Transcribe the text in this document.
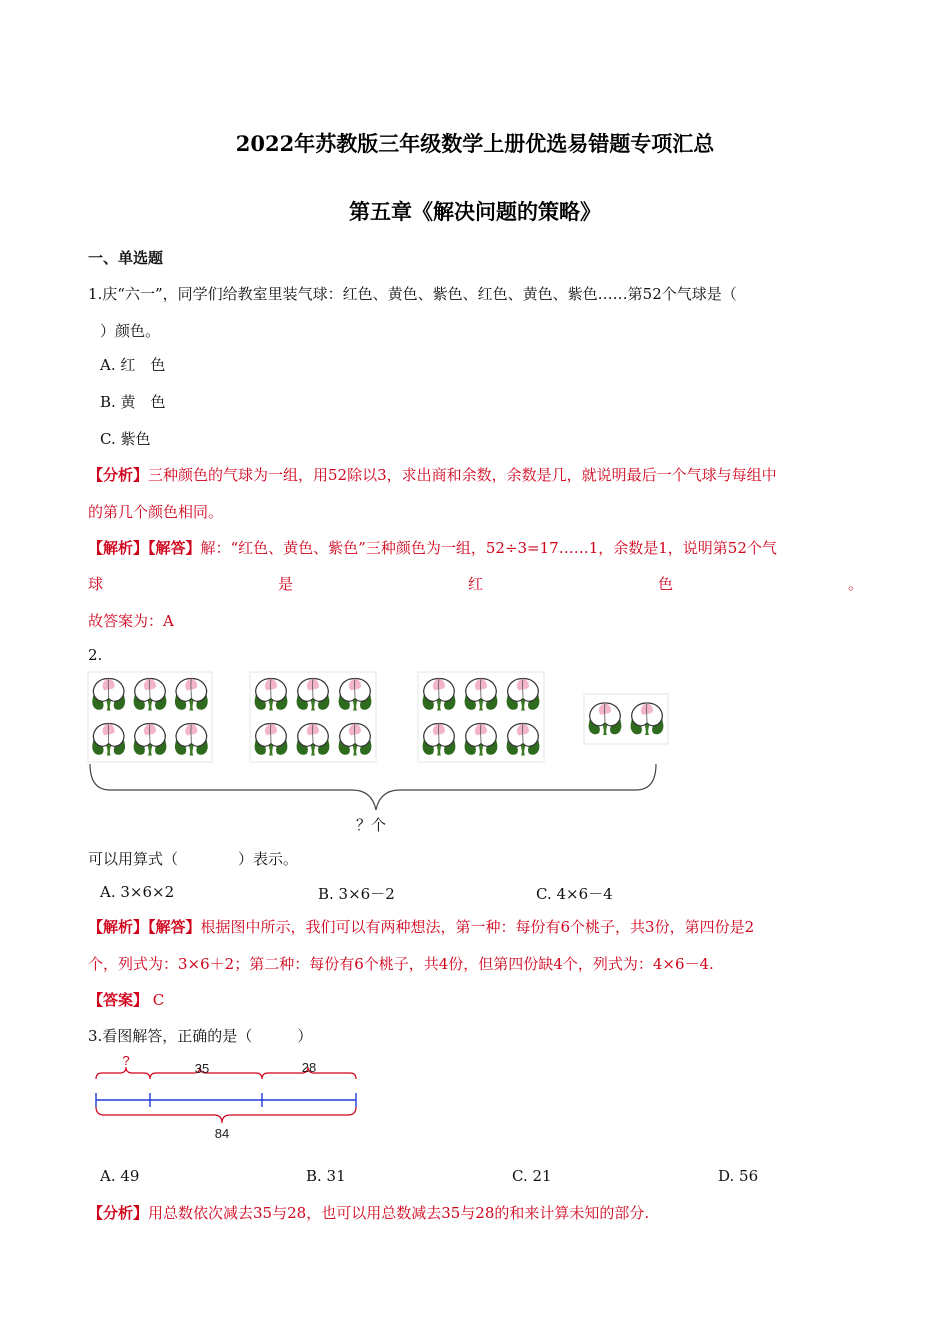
2022年苏教版三年级数学上册优选易错题专项汇总
第五章《解决问题的策略》
一、单选题
1.庆“六一”，同学们给教室里装气球：红色、黄色、紫色、红色、黄色、紫色……第52个气球是（
）颜色。
A. 红　色
B. 黄　色
C. 紫色
【分析】三种颜色的气球为一组，用52除以3，求出商和余数，余数是几，就说明最后一个气球与每组中
的第几个颜色相同。
【解析】【解答】解：“红色、黄色、紫色”三种颜色为一组，52÷3=17……1，余数是1，说明第52个气
球	是	红	色	。
故答案为：A
2.
？个
可以用算式（　　　　）表示。
A. 3×6×2	B. 3×6－2	C. 4×6－4
【解析】【解答】根据图中所示，我们可以有两种想法，第一种：每份有6个桃子，共3份，第四份是2
个，列式为：3×6＋2；第二种：每份有6个桃子，共4份，但第四份缺4个，列式为：4×6－4.
【答案】 C
3.看图解答，正确的是（　　　）
?
35	28
84
A. 49	B. 31	C. 21	D. 56
【分析】用总数依次减去35与28，也可以用总数减去35与28的和来计算未知的部分.
